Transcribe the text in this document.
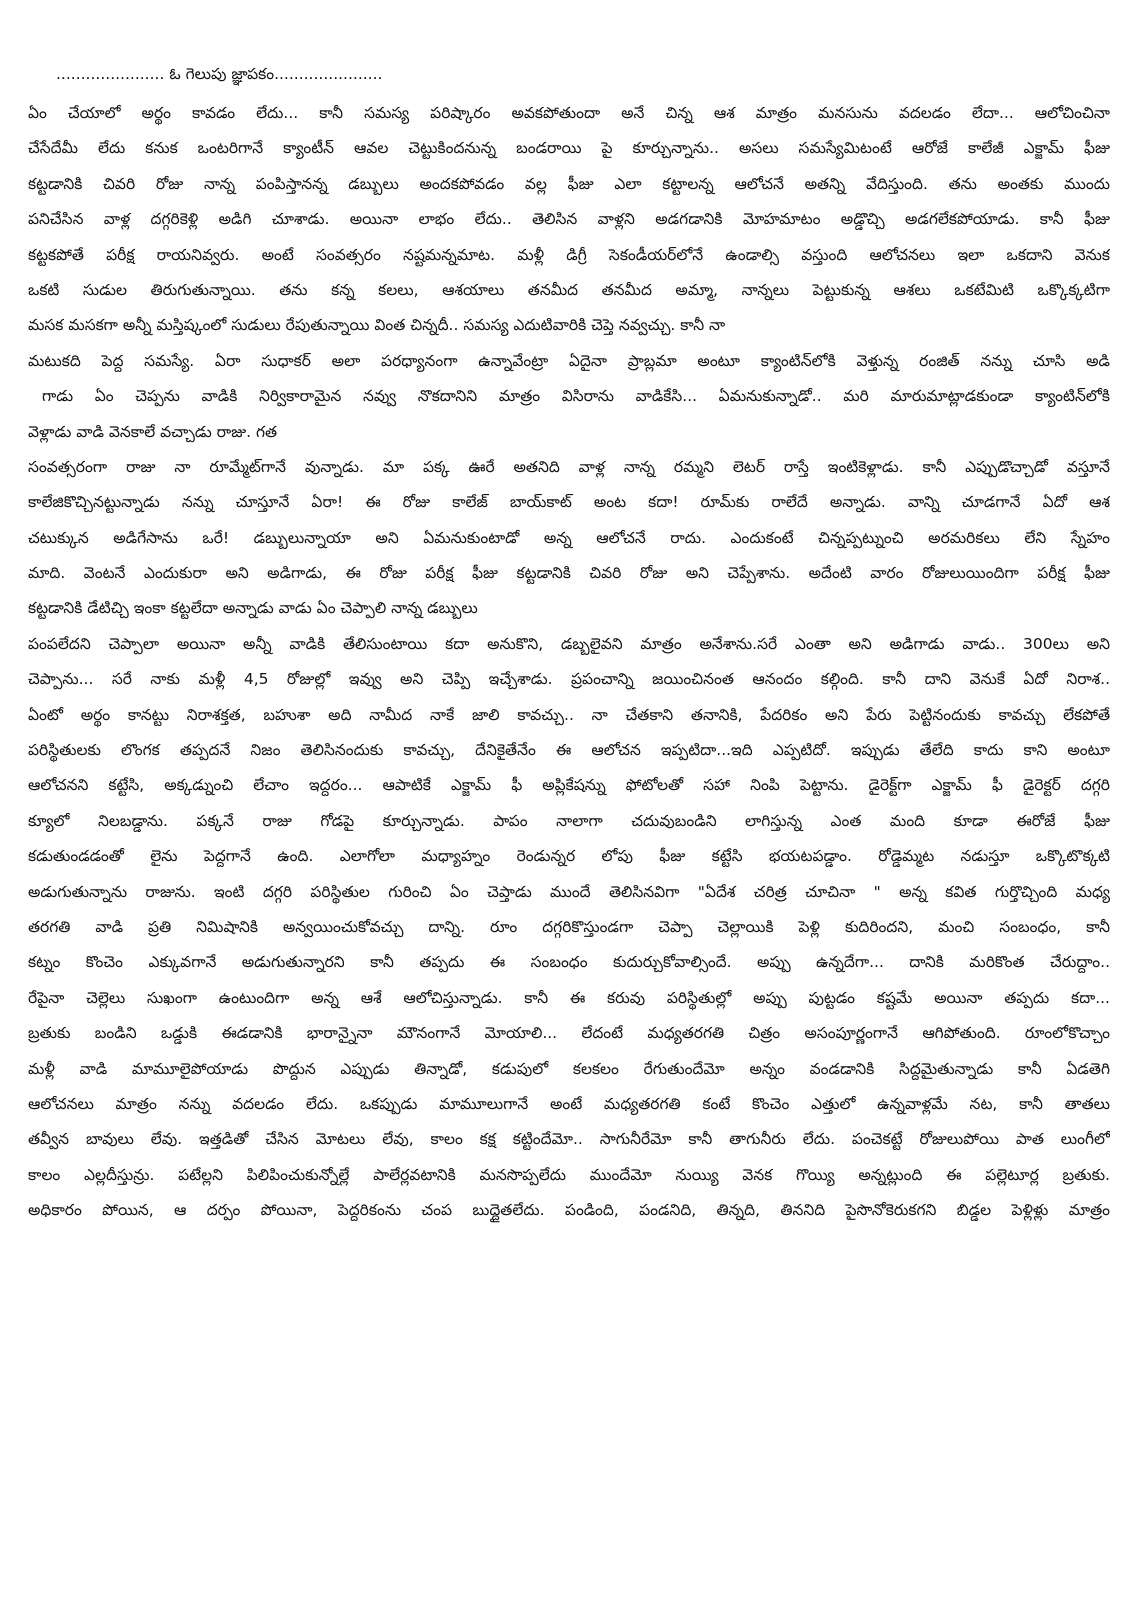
...................... ఓ గెలుపు జ్ఞాపకం......................
ఏం చేయాలో అర్థం కావడం లేదు... కానీ సమస్య పరిష్కారం అవకపోతుందా అనే చిన్న ఆశ మాత్రం మనసును వదలడం లేదా... ఆలోచించినా
చేసేదేమీ లేదు కనుక ఒంటరిగానే క్యాంటీన్ ఆవల చెట్టుకిందనున్న బండరాయి పై కూర్చున్నాను.. అసలు సమస్యేమిటంటే ఆరోజే కాలేజీ ఎక్జామ్ ఫీజు
కట్టడానికి చివరి రోజు నాన్న పంపిస్తానన్న డబ్బులు అందకపోవడం వల్ల ఫీజు ఎలా కట్టాలన్న ఆలోచనే అతన్ని వేదిస్తుంది. తను అంతకు ముందు
పనిచేసిన వాళ్ల దగ్గరికెళ్లి అడిగి చూశాడు. అయినా లాభం లేదు.. తెలిసిన వాళ్లని అడగడానికి మోహమాటం అడ్డొచ్చి అడగలేకపోయాడు. కానీ ఫీజు
కట్టకపోతే పరీక్ష రాయనివ్వరు. అంటే సంవత్సరం నష్టమన్నమాట. మళ్లీ డిగ్రీ సెకండీయర్‌లోనే ఉండాల్సి వస్తుంది ఆలోచనలు ఇలా ఒకదాని వెనుక
ఒకటి సుడుల తిరుగుతున్నాయి. తను కన్న కలలు, ఆశయాలు తనమీద తనమీద అమ్మా, నాన్నలు పెట్టుకున్న ఆశలు ఒకటేమిటి ఒక్కొక్కటిగా
మసక మసకగా అన్నీ మస్తిష్కంలో సుడులు రేపుతున్నాయి వింత చిన్నదీ.. సమస్య ఎదుటివారికి చెప్తె నవ్వచ్చు. కానీ నా
మటుకది పెద్ద సమస్యే. ఏరా సుధాకర్ అలా పరధ్యానంగా ఉన్నావేంట్రా ఏదైనా ప్రాబ్లమా అంటూ క్యాంటిన్‌లోకి వెళ్తున్న రంజిత్ నన్ను చూసి అడి
గాడు ఏం చెప్పను వాడికి నిర్వికారామైన నవ్వు నొకదానిని మాత్రం విసిరాను వాడికేసి... ఏమనుకున్నాడో.. మరి మారుమాట్లాడకుండా క్యాంటిన్‌లోకి
వెళ్లాడు వాడి వెనకాలే వచ్చాడు రాజు. గత
సంవత్సరంగా రాజు నా రూమ్మేట్‌గానే వున్నాడు. మా పక్క ఊరే అతనిది వాళ్ల నాన్న రమ్మని లెటర్ రాస్తే ఇంటికెళ్లాడు. కానీ ఎప్పుడొచ్చాడో వస్తూనే
కాలేజికొచ్చినట్టున్నాడు నన్ను చూస్తూనే ఏరా! ఈ రోజు కాలేజ్ బాయ్‌కాట్ అంట కదా! రూమ్‌కు రాలేదే అన్నాడు. వాన్ని చూడగానే ఏదో ఆశ
చటుక్కున అడిగేసాను ఒరే! డబ్బులున్నాయా అని ఏమనుకుంటాడో అన్న ఆలోచనే రాదు. ఎందుకంటే చిన్నప్పట్నుంచి అరమరికలు లేని స్నేహం
మాది. వెంటనే ఎందుకురా అని అడిగాడు, ఈ రోజు పరీక్ష ఫీజు కట్టడానికి చివరి రోజు అని చెప్పేశాను. అదేంటి వారం రోజులుయిందిగా పరీక్ష ఫీజు
కట్టడానికి డేటిచ్చి ఇంకా కట్టలేదా అన్నాడు వాడు ఏం చెప్పాలి నాన్న డబ్బులు
పంపలేదని చెప్పాలా అయినా అన్నీ వాడికి తేలిసుంటాయి కదా అనుకొని, డబ్బలైవని మాత్రం అనేశాను.సరే ఎంతా అని అడిగాడు వాడు.. 300లు అని
చెప్పాను... సరే నాకు మళ్లీ 4,5 రోజుల్లో ఇవ్వు అని చెప్పి ఇచ్చేశాడు. ప్రపంచాన్ని జయించినంత ఆనందం కల్గింది. కానీ దాని వెనుకే ఏదో నిరాశ..
ఏంటో అర్థం కానట్టు నిరాశక్తత, బహుశా అది నామీద నాకే జాలి కావచ్చు.. నా చేతకాని తనానికి, పేదరికం అని పేరు పెట్టినందుకు కావచ్చు లేకపోతే
పరిస్థితులకు లొంగక తప్పదనే నిజం తెలిసినందుకు కావచ్చు, దేనికైతేనేం ఈ ఆలోచన ఇప్పటిదా...ఇది ఎప్పటిదో. ఇప్పుడు తేలేది కాదు కాని అంటూ
ఆలోచనని కట్టేసి, అక్కడ్నుంచి లేచాం ఇద్దరం... ఆపాటికే ఎక్జామ్ ఫీ అప్లికేషన్ను ఫోటోలతో సహా నింపి పెట్టాను. డైరెక్ట్‌గా ఎక్జామ్ ఫీ డైరెక్టర్ దగ్గరి
క్యూలో నిలబడ్డాను. పక్కనే రాజు గోడపై కూర్చున్నాడు. పాపం నాలాగా చదువుబండిని లాగిస్తున్న ఎంత మంది కూడా ఈరోజే ఫీజు
కడుతుండడంతో లైను పెద్దగానే ఉంది. ఎలాగోలా మధ్యాహ్నం రెండున్నర లోపు ఫీజు కట్టేసి భయటపడ్డాం. రోడ్డెమ్మట నడుస్తూ ఒక్కొటొక్కటి
అడుగుతున్నాను రాజును. ఇంటి దగ్గరి పరిస్థితుల గురించి ఏం చెప్తాడు ముందే తెలిసినవిగా "ఏదేశ చరిత్ర చూచినా " అన్న కవిత గుర్తొచ్చింది మధ్య
తరగతి వాడి ప్రతి నిమిషానికి అన్వయించుకోవచ్చు దాన్ని. రూం దగ్గరికొస్తుండగా చెప్పా చెల్లాయికి పెళ్లి కుదిరిందని, మంచి సంబంధం, కానీ
కట్నం కొంచెం ఎక్కువగానే అడుగుతున్నారని కానీ తప్పదు ఈ సంబంధం కుదుర్చుకోవాల్సిందే. అప్పు ఉన్నదేగా... దానికి మరికొంత చేరుద్దాం..
రేపైనా చెల్లెలు సుఖంగా ఉంటుందిగా అన్న ఆశే ఆలోచిస్తున్నాడు. కానీ ఈ కరువు పరిస్థితుల్లో అప్పు పుట్టడం కష్టమే అయినా తప్పదు కదా...
బ్రతుకు బండిని ఒడ్డుకి ఈడడానికి భారాన్నైనా మౌనంగానే మోయాలి... లేదంటే మధ్యతరగతి చిత్రం అసంపూర్ణంగానే ఆగిపోతుంది. రూంలోకొచ్చాం
మళ్లీ వాడి మామూలైపోయాడు పొద్దున ఎప్పుడు తిన్నాడో, కడుపులో కలకలం రేగుతుందేమో అన్నం వండడానికి సిద్దమైతున్నాడు కానీ ఏడతెగి
ఆలోచనలు మాత్రం నన్ను వదలడం లేదు. ఒకప్పుడు మామూలుగానే అంటే మధ్యతరగతి కంటే కొంచెం ఎత్తులో ఉన్నవాళ్లమే నట, కానీ తాతలు
తవ్వీన బావులు లేవు. ఇత్తడితో చేసిన మోటలు లేవు, కాలం కక్ష కట్టిందేమో.. సాగునీరేమో కానీ తాగునీరు లేదు. పంచెకట్టే రోజులుపోయి పాత లుంగీలో
కాలం ఎల్లదీస్తున్రు. పటేల్లని పిలిపించుకున్నోల్లే పాలేర్లవటానికి మనసొప్పలేదు ముందేమో నుయ్యి వెనక గొయ్యి అన్నట్లుంది ఈ పల్లెటూర్ల బ్రతుకు.
అధికారం పోయిన, ఆ దర్పం పోయినా, పెద్దరికంను చంప బుద్దైతలేదు. పండింది, పండనిది, తిన్నది, తిననిది పైసొనోకెరుకగని బిడ్డల పెళ్లిళ్లు మాత్రం
